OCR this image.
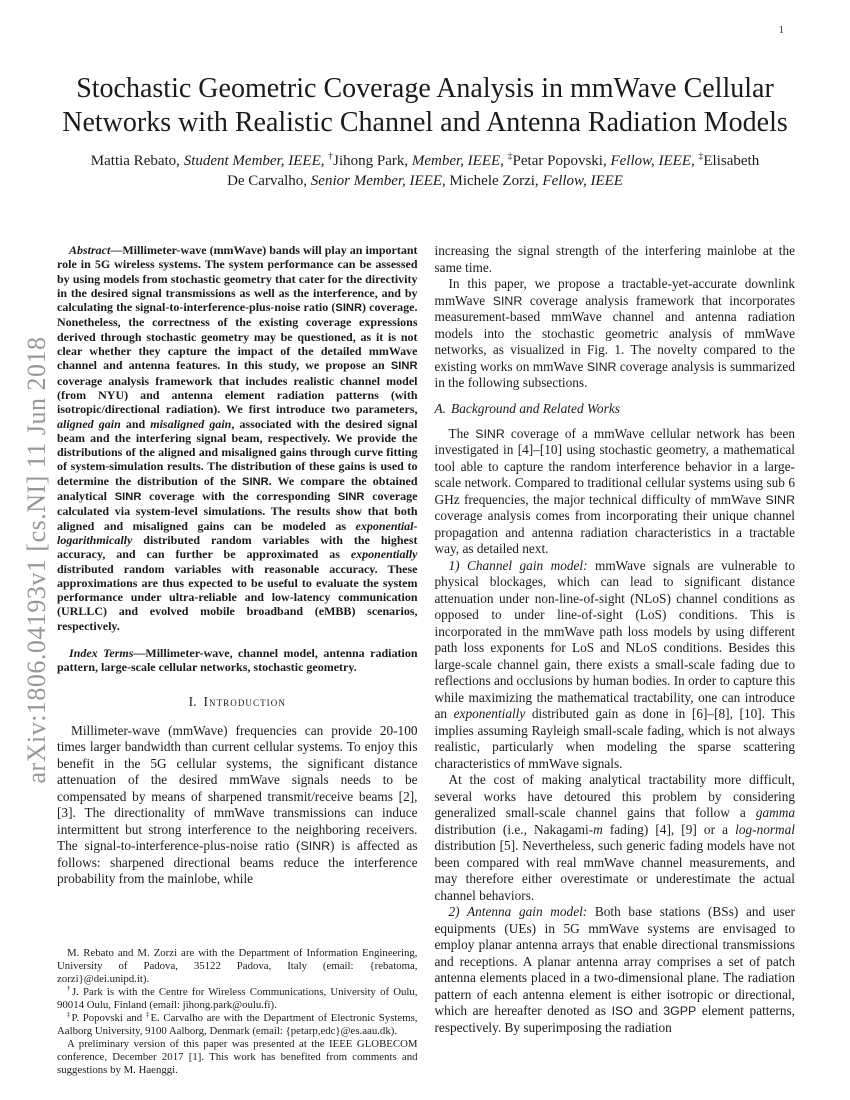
1
arXiv:1806.04193v1 [cs.NI] 11 Jun 2018
Stochastic Geometric Coverage Analysis in mmWave Cellular
Networks with Realistic Channel and Antenna Radiation Models
Mattia Rebato, Student Member, IEEE, †Jihong Park, Member, IEEE, ‡Petar Popovski, Fellow, IEEE, ‡Elisabeth
De Carvalho, Senior Member, IEEE, Michele Zorzi, Fellow, IEEE

Abstract—Millimeter-wave (mmWave) bands will play an important role in 5G wireless systems. The system performance can be assessed by using models from stochastic geometry that cater for the directivity in the desired signal transmissions as well as the interference, and by calculating the signal-to-interference-plus-noise ratio (SINR) coverage. Nonetheless, the correctness of the existing coverage expressions derived through stochastic geometry may be questioned, as it is not clear whether they capture the impact of the detailed mmWave channel and antenna features. In this study, we propose an SINR coverage analysis framework that includes realistic channel model (from NYU) and antenna element radiation patterns (with isotropic/directional radiation). We first introduce two parameters, aligned gain and misaligned gain, associated with the desired signal beam and the interfering signal beam, respectively. We provide the distributions of the aligned and misaligned gains through curve fitting of system-simulation results. The distribution of these gains is used to determine the distribution of the SINR. We compare the obtained analytical SINR coverage with the corresponding SINR coverage calculated via system-level simulations. The results show that both aligned and misaligned gains can be modeled as exponential-logarithmically distributed random variables with the highest accuracy, and can further be approximated as exponentially distributed random variables with reasonable accuracy. These approximations are thus expected to be useful to evaluate the system performance under ultra-reliable and low-latency communication (URLLC) and evolved mobile broadband (eMBB) scenarios, respectively.

Index Terms—Millimeter-wave, channel model, antenna radiation pattern, large-scale cellular networks, stochastic geometry.

I. Introduction

Millimeter-wave (mmWave) frequencies can provide 20-100 times larger bandwidth than current cellular systems. To enjoy this benefit in the 5G cellular systems, the significant distance attenuation of the desired mmWave signals needs to be compensated by means of sharpened transmit/receive beams [2], [3]. The directionality of mmWave transmissions can induce intermittent but strong interference to the neighboring receivers. The signal-to-interference-plus-noise ratio (SINR) is affected as follows: sharpened directional beams reduce the interference probability from the mainlobe, while

M. Rebato and M. Zorzi are with the Department of Information Engineering, University of Padova, 35122 Padova, Italy (email: {rebatoma, zorzi}@dei.unipd.it).

†J. Park is with the Centre for Wireless Communications, University of Oulu, 90014 Oulu, Finland (email: jihong.park@oulu.fi).

‡P. Popovski and ‡E. Carvalho are with the Department of Electronic Systems, Aalborg University, 9100 Aalborg, Denmark (email: {petarp,edc}@es.aau.dk).

A preliminary version of this paper was presented at the IEEE GLOBECOM conference, December 2017 [1]. This work has benefited from comments and suggestions by M. Haenggi.

increasing the signal strength of the interfering mainlobe at the same time.

In this paper, we propose a tractable-yet-accurate downlink mmWave SINR coverage analysis framework that incorporates measurement-based mmWave channel and antenna radiation models into the stochastic geometric analysis of mmWave networks, as visualized in Fig. 1. The novelty compared to the existing works on mmWave SINR coverage analysis is summarized in the following subsections.

A. Background and Related Works

The SINR coverage of a mmWave cellular network has been investigated in [4]–[10] using stochastic geometry, a mathematical tool able to capture the random interference behavior in a large-scale network. Compared to traditional cellular systems using sub 6 GHz frequencies, the major technical difficulty of mmWave SINR coverage analysis comes from incorporating their unique channel propagation and antenna radiation characteristics in a tractable way, as detailed next.

1) Channel gain model: mmWave signals are vulnerable to physical blockages, which can lead to significant distance attenuation under non-line-of-sight (NLoS) channel conditions as opposed to under line-of-sight (LoS) conditions. This is incorporated in the mmWave path loss models by using different path loss exponents for LoS and NLoS conditions. Besides this large-scale channel gain, there exists a small-scale fading due to reflections and occlusions by human bodies. In order to capture this while maximizing the mathematical tractability, one can introduce an exponentially distributed gain as done in [6]–[8], [10]. This implies assuming Rayleigh small-scale fading, which is not always realistic, particularly when modeling the sparse scattering characteristics of mmWave signals.

At the cost of making analytical tractability more difficult, several works have detoured this problem by considering generalized small-scale channel gains that follow a gamma distribution (i.e., Nakagami-m fading) [4], [9] or a log-normal distribution [5]. Nevertheless, such generic fading models have not been compared with real mmWave channel measurements, and may therefore either overestimate or underestimate the actual channel behaviors.

2) Antenna gain model: Both base stations (BSs) and user equipments (UEs) in 5G mmWave systems are envisaged to employ planar antenna arrays that enable directional transmissions and receptions. A planar antenna array comprises a set of patch antenna elements placed in a two-dimensional plane. The radiation pattern of each antenna element is either isotropic or directional, which are hereafter denoted as ISO and 3GPP element patterns, respectively. By superimposing the radiation
